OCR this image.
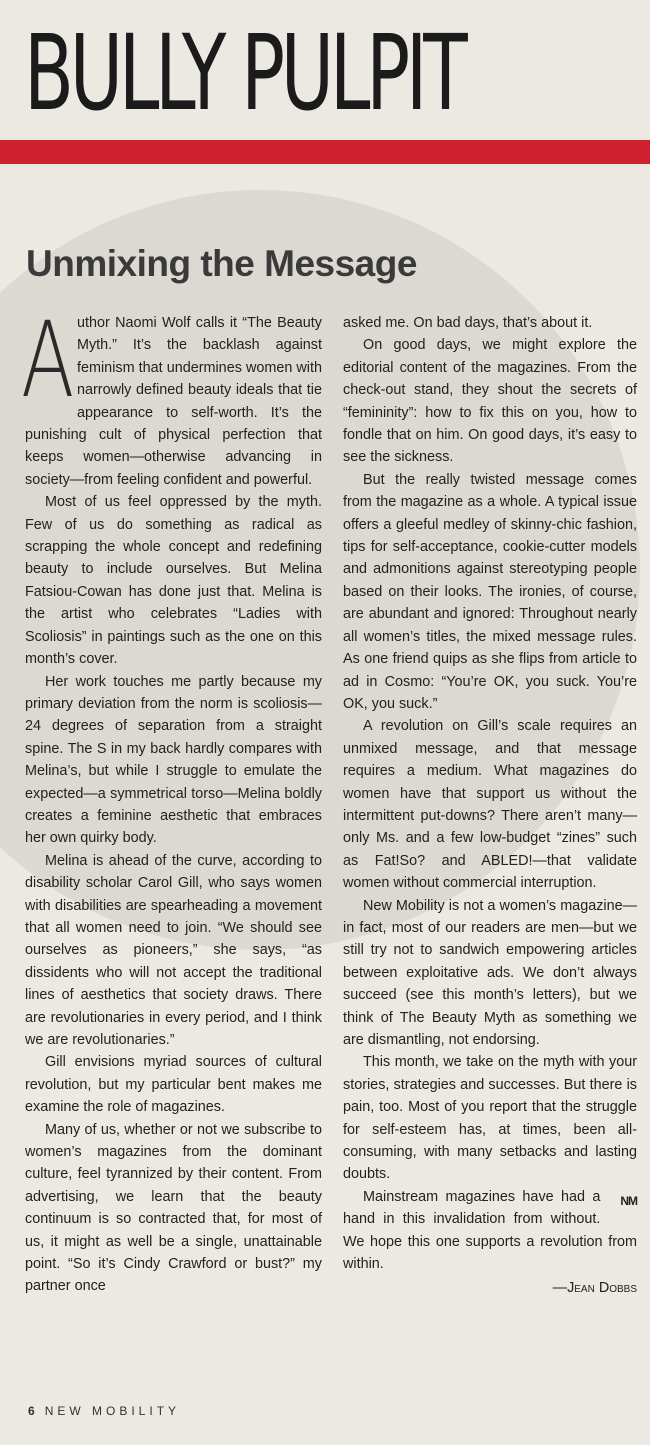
BULLY PULPIT
Unmixing the Message

Author Naomi Wolf calls it “The Beauty Myth.” It’s the backlash against feminism that undermines women with narrowly defined beauty ideals that tie appearance to self-worth. It’s the punishing cult of physical perfection that keeps women—otherwise advancing in society—from feeling confident and powerful.

Most of us feel oppressed by the myth. Few of us do something as radical as scrapping the whole concept and redefining beauty to include ourselves. But Melina Fatsiou-Cowan has done just that. Melina is the artist who celebrates “Ladies with Scoliosis” in paintings such as the one on this month’s cover.

Her work touches me partly because my primary deviation from the norm is scoliosis—24 degrees of separation from a straight spine. The S in my back hardly compares with Melina’s, but while I struggle to emulate the expected—a symmetrical torso—Melina boldly creates a feminine aesthetic that embraces her own quirky body.

Melina is ahead of the curve, according to disability scholar Carol Gill, who says women with disabilities are spearheading a movement that all women need to join. “We should see ourselves as pioneers,” she says, “as dissidents who will not accept the traditional lines of aesthetics that society draws. There are revolutionaries in every period, and I think we are revolutionaries.”

Gill envisions myriad sources of cultural revolution, but my particular bent makes me examine the role of magazines.

Many of us, whether or not we subscribe to women’s magazines from the dominant culture, feel tyrannized by their content. From advertising, we learn that the beauty continuum is so contracted that, for most of us, it might as well be a single, unattainable point. “So it’s Cindy Crawford or bust?” my partner once

asked me. On bad days, that’s about it.

On good days, we might explore the editorial content of the magazines. From the check-out stand, they shout the secrets of “femininity”: how to fix this on you, how to fondle that on him. On good days, it’s easy to see the sickness.

But the really twisted message comes from the magazine as a whole. A typical issue offers a gleeful medley of skinny-chic fashion, tips for self-acceptance, cookie-cutter models and admonitions against stereotyping people based on their looks. The ironies, of course, are abundant and ignored: Throughout nearly all women’s titles, the mixed message rules. As one friend quips as she flips from article to ad in Cosmo: “You’re OK, you suck. You’re OK, you suck.”

A revolution on Gill’s scale requires an unmixed message, and that message requires a medium. What magazines do women have that support us without the intermittent put-downs? There aren’t many—only Ms. and a few low-budget “zines” such as Fat!So? and ABLED!—that validate women without commercial interruption.

New Mobility is not a women’s magazine—in fact, most of our readers are men—but we still try not to sandwich empowering articles between exploitative ads. We don’t always succeed (see this month’s letters), but we think of The Beauty Myth as something we are dismantling, not endorsing.

This month, we take on the myth with your stories, strategies and successes. But there is pain, too. Most of you report that the struggle for self-esteem has, at times, been all-consuming, with many setbacks and lasting doubts.

NM
Mainstream magazines have had a hand in this invalidation from without. We hope this one supports a revolution from within.

—Jean Dobbs
6 NEW MOBILITY
